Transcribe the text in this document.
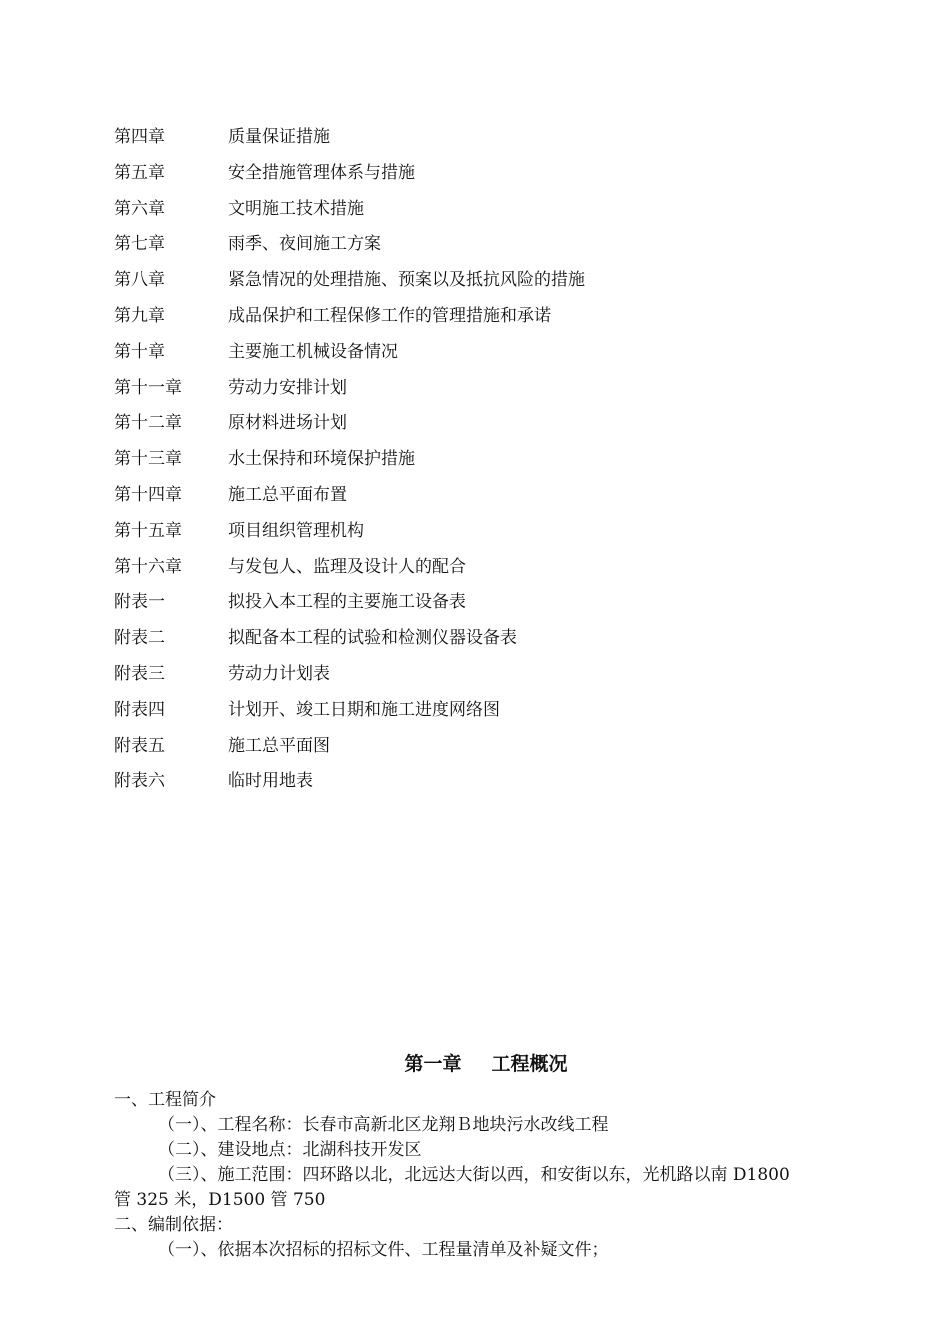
第四章	质量保证措施
第五章	安全措施管理体系与措施
第六章	文明施工技术措施
第七章	雨季、夜间施工方案
第八章	紧急情况的处理措施、预案以及抵抗风险的措施
第九章	成品保护和工程保修工作的管理措施和承诺
第十章	主要施工机械设备情况
第十一章	劳动力安排计划
第十二章	原材料进场计划
第十三章	水土保持和环境保护措施
第十四章	施工总平面布置
第十五章	项目组织管理机构
第十六章	与发包人、监理及设计人的配合
附表一	拟投入本工程的主要施工设备表
附表二	拟配备本工程的试验和检测仪器设备表
附表三	劳动力计划表
附表四	计划开、竣工日期和施工进度网络图
附表五	施工总平面图
附表六	临时用地表
第一章 工程概况
一、工程简介
（一）、工程名称：长春市高新北区龙翔Ｂ地块污水改线工程
（二）、建设地点：北湖科技开发区
（三）、施工范围：四环路以北，北远达大街以西，和安街以东，光机路以南 D1800
管 325 米，D1500 管 750
二、编制依据：
（一）、依据本次招标的招标文件、工程量清单及补疑文件；
